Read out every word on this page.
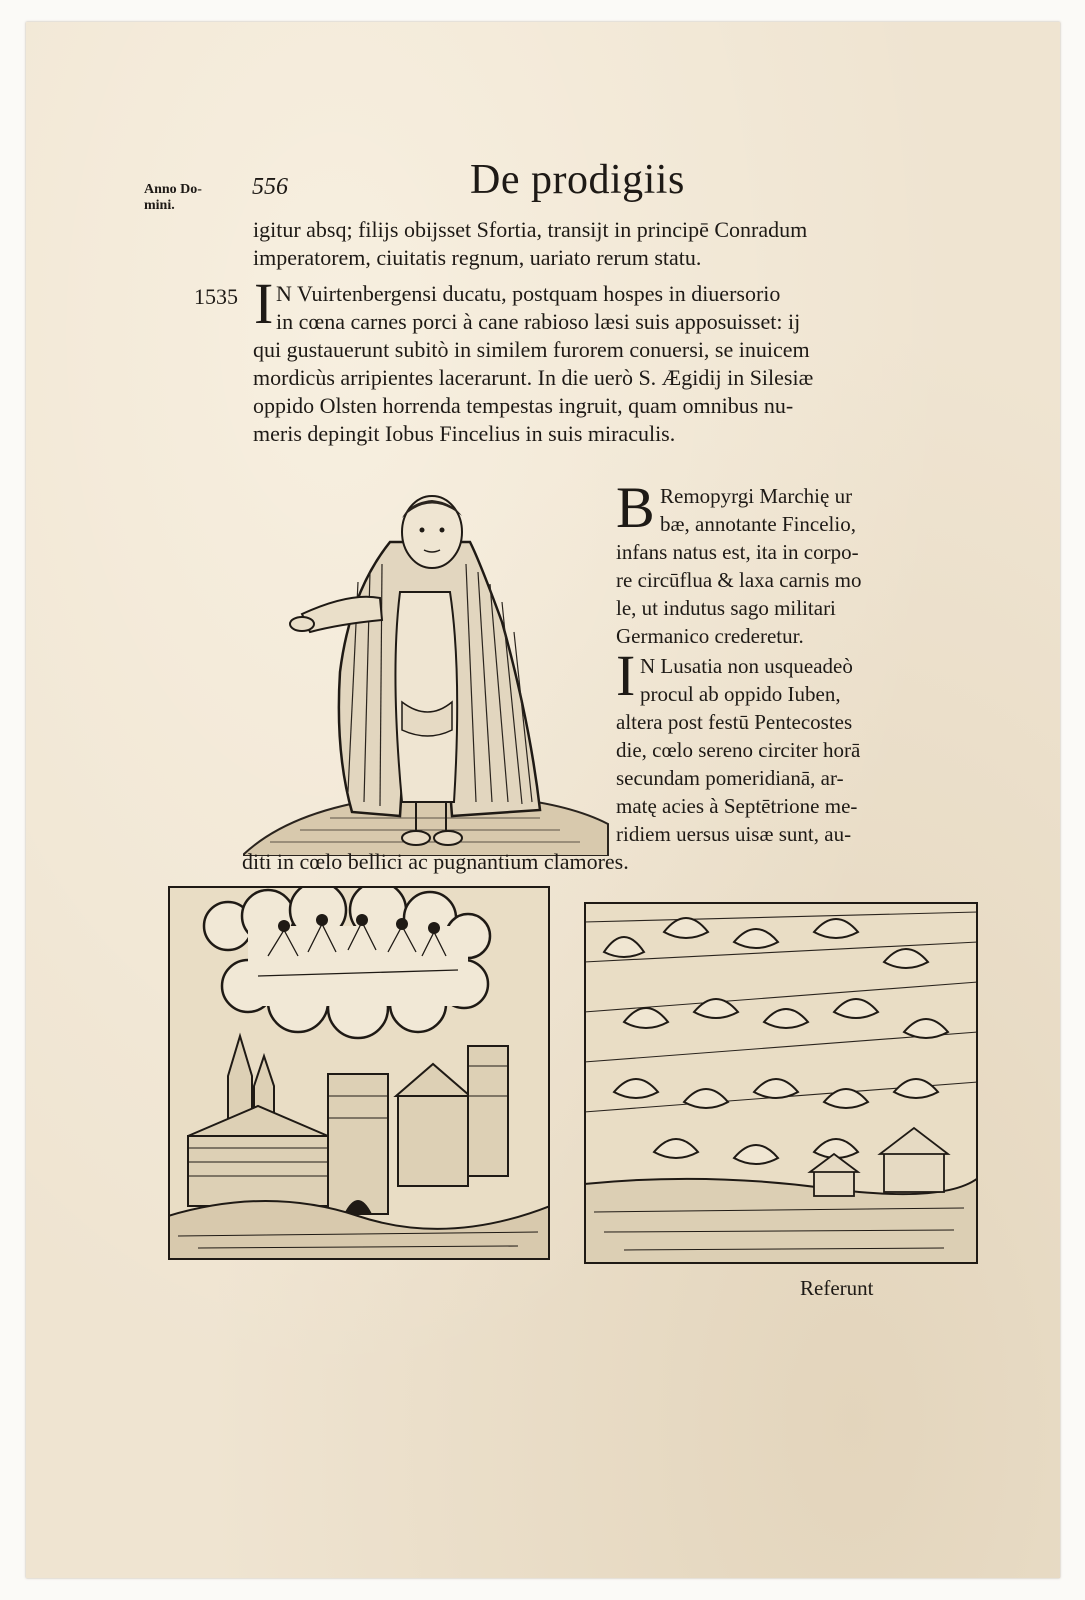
Anno Do-
mini.
556	De prodigiis
igitur absq; filijs obijsset Sfortia, transijt in principē Conradum
imperatorem, ciuitatis regnum, uariato rerum statu.
1535 I N Vuirtenbergensi ducatu, postquam hospes in diuersorio
in cœna carnes porci à cane rabioso læsi suis apposuisset: ij
qui gustauerunt subitò in similem furorem conuersi, se inuicem
mordicùs arripientes lacerarunt. In die uerò S. Ægidij in Silesiæ
oppido Olsten horrenda tempestas ingruit, quam omnibus nu-
meris depingit Iobus Fincelius in suis miraculis.
B Remopyrgi Marchię ur
bæ, annotante Fincelio,
infans natus est, ita in corpo-
re circūflua & laxa carnis mo
le, ut indutus sago militari
Germanico crederetur.
I N Lusatia non usqueadeò
procul ab oppido Iuben,
altera post festū Pentecostes
die, cœlo sereno circiter horā
secundam pomeridianā, ar-
matę acies à Septētrione me-
ridiem uersus uisæ sunt, au-
diti in cœlo bellici ac pugnantium clamores.
Referunt
